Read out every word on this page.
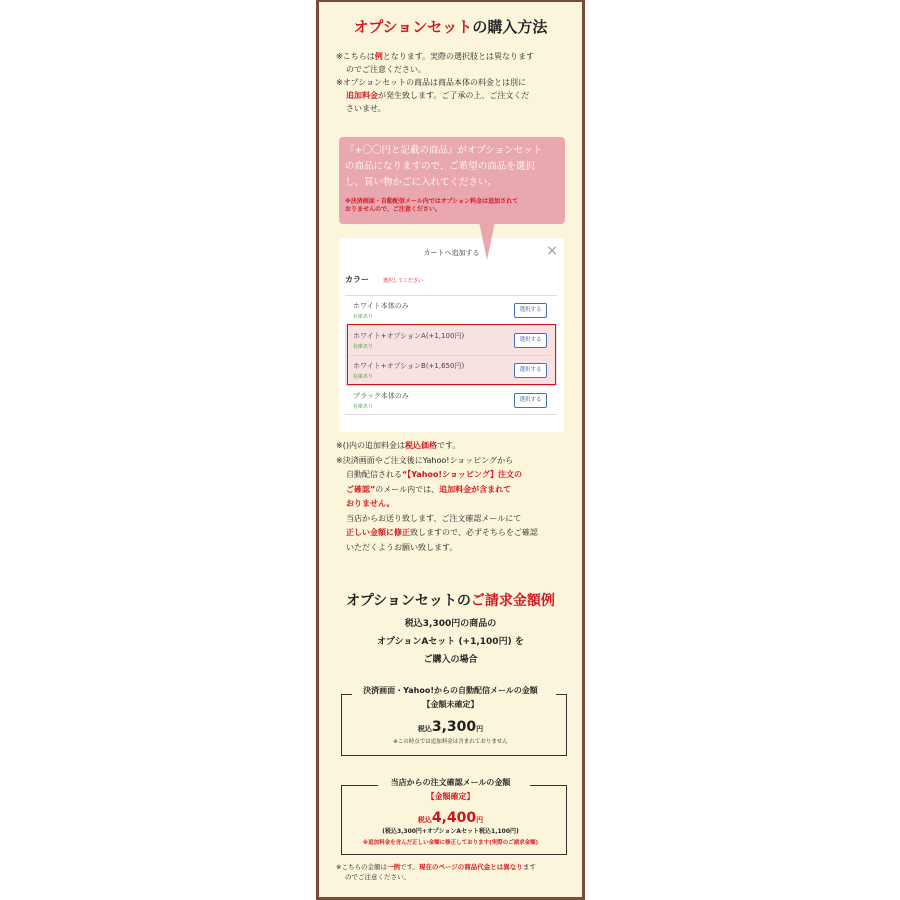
オプションセットの購入方法
※こちらは例となります。実際の選択肢とは異なります
のでご注意ください。
※オプションセットの商品は商品本体の料金とは別に
追加料金が発生致します。ご了承の上、ご注文くだ
さいませ。
『+〇〇円と記載の商品』がオプションセット
の商品になりますので、ご希望の商品を選択
し、買い物かごに入れてください。
※決済画面・自動配信メール内ではオプション料金は追加されて
おりませんので、ご注意ください。
カートへ追加する	×
カラー	選択してください
ホワイト本体のみ
在庫あり
選択する
ホワイト+オプションA(+1,100円)
在庫あり
選択する
ホワイト+オプションB(+1,650円)
在庫あり
選択する
ブラック本体のみ
在庫あり
選択する
※()内の追加料金は税込価格です。
※決済画面やご注文後にYahoo!ショッピングから
自動配信される“【Yahoo!ショッピング】注文の
ご確認”のメール内では、追加料金が含まれて
おりません。
当店からお送り致します、ご注文確認メールにて
正しい金額に修正致しますので、必ずそちらをご確認
いただくようお願い致します。
オプションセットのご請求金額例
税込3,300円の商品の
オプションAセット (+1,100円) を
ご購入の場合
決済画面・Yahoo!からの自動配信メールの金額
【金額未確定】
税込3,300円
※この時点では追加料金は含まれておりません
当店からの注文確認メールの金額
【金額確定】
税込4,400円
(税込3,300円+オプションAセット税込1,100円)
※追加料金を含んだ正しい金額に修正しております(実際のご請求金額)
※こちらの金額は一例です。現在のページの商品代金とは異なります
のでご注意ください。
